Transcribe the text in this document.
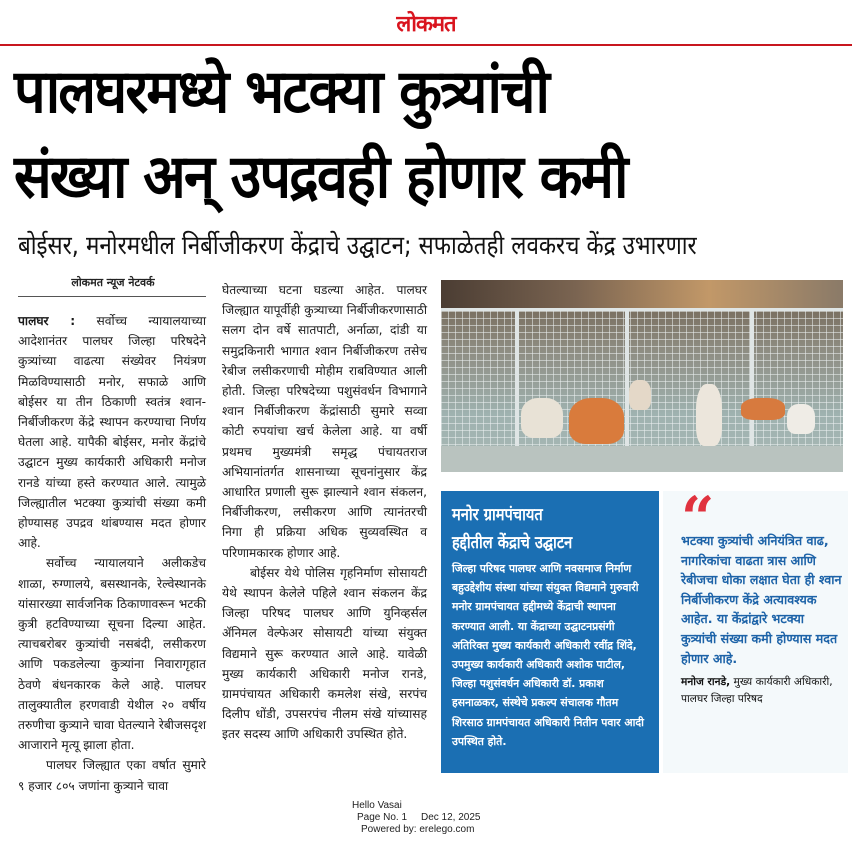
लोकमत
पालघरमध्ये भटक्या कुत्र्यांची
संख्या अन् उपद्रवही होणार कमी
बोईसर, मनोरमधील निर्बीजीकरण केंद्राचे उद्घाटन; सफाळेतही लवकरच केंद्र उभारणार
लोकमत न्यूज नेटवर्क

पालघर : सर्वोच्च न्यायालयाच्या आदेशानंतर पालघर जिल्हा परिषदेने कुत्र्यांच्या वाढत्या संख्येवर नियंत्रण मिळविण्यासाठी मनोर, सफाळे आणि बोईसर या तीन ठिकाणी स्वतंत्र श्वान-निर्बीजीकरण केंद्रे स्थापन करण्याचा निर्णय घेतला आहे. यापैकी बोईसर, मनोर केंद्रांचे उद्घाटन मुख्य कार्यकारी अधिकारी मनोज रानडे यांच्या हस्ते करण्यात आले. त्यामुळे जिल्ह्यातील भटक्या कुत्र्यांची संख्या कमी होण्यासह उपद्रव थांबण्यास मदत होणार आहे.

सर्वोच्च न्यायालयाने अलीकडेच शाळा, रुग्णालये, बसस्थानके, रेल्वेस्थानके यांसारख्या सार्वजनिक ठिकाणावरून भटकी कुत्री हटविण्याच्या सूचना दिल्या आहेत. त्याचबरोबर कुत्र्यांची नसबंदी, लसीकरण आणि पकडलेल्या कुत्र्यांना निवारागृहात ठेवणे बंधनकारक केले आहे. पालघर तालुक्यातील हरणवाडी येथील २० वर्षीय तरुणीचा कुत्र्याने चावा घेतल्याने रेबीजसदृश आजाराने मृत्यू झाला होता.

पालघर जिल्ह्यात एका वर्षात सुमारे ९ हजार ८०५ जणांना कुत्र्याने चावा

घेतल्याच्या घटना घडल्या आहेत. पालघर जिल्ह्यात यापूर्वीही कुत्र्याच्या निर्बीजीकरणासाठी सलग दोन वर्षे सातपाटी, अर्नाळा, दांडी या समुद्रकिनारी भागात श्वान निर्बीजीकरण तसेच रेबीज लसीकरणाची मोहीम राबविण्यात आली होती. जिल्हा परिषदेच्या पशुसंवर्धन विभागाने श्वान निर्बीजीकरण केंद्रांसाठी सुमारे सव्वा कोटी रुपयांचा खर्च केलेला आहे. या वर्षी प्रथमच मुख्यमंत्री समृद्ध पंचायतराज अभियानांतर्गत शासनाच्या सूचनांनुसार केंद्र आधारित प्रणाली सुरू झाल्याने श्वान संकलन, निर्बीजीकरण, लसीकरण आणि त्यानंतरची निगा ही प्रक्रिया अधिक सुव्यवस्थित व परिणामकारक होणार आहे.

बोईसर येथे पोलिस गृहनिर्माण सोसायटी येथे स्थापन केलेले पहिले श्वान संकलन केंद्र जिल्हा परिषद पालघर आणि युनिव्हर्सल ॲनिमल वेल्फेअर सोसायटी यांच्या संयुक्त विद्यमाने सुरू करण्यात आले आहे. यावेळी मुख्य कार्यकारी अधिकारी मनोज रानडे, ग्रामपंचायत अधिकारी कमलेश संखे, सरपंच दिलीप धोंडी, उपसरपंच नीलम संखे यांच्यासह इतर सदस्य आणि अधिकारी उपस्थित होते.

मनोर ग्रामपंचायत
हद्दीतील केंद्राचे उद्घाटन
जिल्हा परिषद पालघर आणि नवसमाज निर्माण बहुउद्देशीय संस्था यांच्या संयुक्त विद्यमाने गुरुवारी मनोर ग्रामपंचायत हद्दीमध्ये केंद्राची स्थापना करण्यात आली. या केंद्राच्या उद्घाटनप्रसंगी अतिरिक्त मुख्य कार्यकारी अधिकारी रवींद्र शिंदे, उपमुख्य कार्यकारी अधिकारी अशोक पाटील, जिल्हा पशुसंवर्धन अधिकारी डॉ. प्रकाश हसनाळकर, संस्थेचे प्रकल्प संचालक गौतम शिरसाठ ग्रामपंचायत अधिकारी नितीन पवार आदी उपस्थित होते.
“
भटक्या कुत्र्यांची अनियंत्रित वाढ, नागरिकांचा वाढता त्रास आणि रेबीजचा धोका लक्षात घेता ही श्वान निर्बीजीकरण केंद्रे अत्यावश्यक आहेत. या केंद्रांद्वारे भटक्या कुत्र्यांची संख्या कमी होण्यास मदत होणार आहे.
मनोज रानडे, मुख्य कार्यकारी अधिकारी, पालघर जिल्हा परिषद
Hello Vasai
Page No. 1 Dec 12, 2025
Powered by: erelego.com
